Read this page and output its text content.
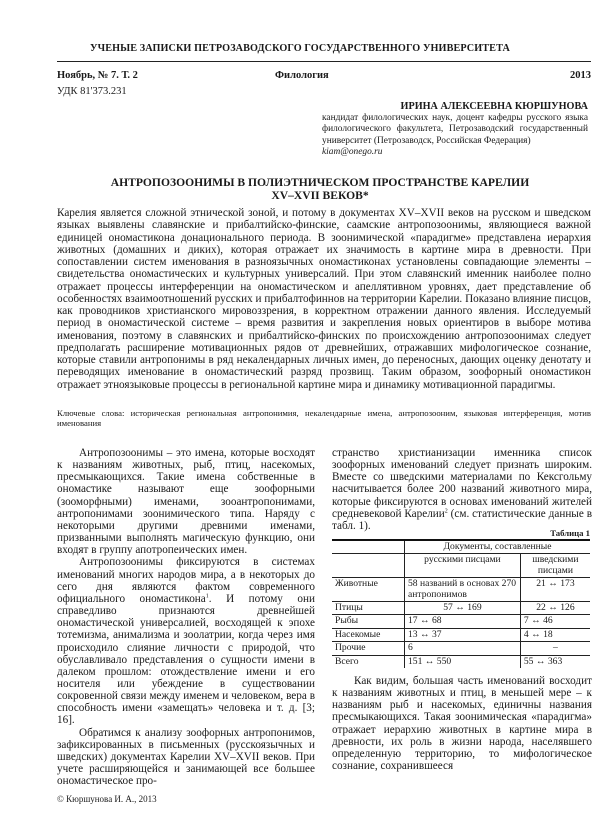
УЧЕНЫЕ ЗАПИСКИ ПЕТРОЗАВОДСКОГО ГОСУДАРСТВЕННОГО УНИВЕРСИТЕТА
Ноябрь, № 7. Т. 2	Филология	2013
УДК 81'373.231
ИРИНА АЛЕКСЕЕВНА КЮРШУНОВА
кандидат филологических наук, доцент кафедры русского языка филологического факультета, Петрозаводский государственный университет (Петрозаводск, Российская Федерация)
kiam@onego.ru
АНТРОПОЗООНИМЫ В ПОЛИЭТНИЧЕСКОМ ПРОСТРАНСТВЕ КАРЕЛИИ
XV–XVII ВЕКОВ*

Карелия является сложной этнической зоной, и потому в документах XV–XVII веков на русском и шведском языках выявлены славянские и прибалтийско-финские, саамские антропозоонимы, являющиеся важной единицей ономастикона донационального периода. В зоонимической «парадигме» представлена иерархия животных (домашних и диких), которая отражает их значимость в картине мира в древности. При сопоставлении систем именования в разноязычных ономастиконах установлены совпадающие элементы – свидетельства ономастических и культурных универсалий. При этом славянский именник наиболее полно отражает процессы интерференции на ономастическом и апеллятивном уровнях, дает представление об особенностях взаимоотношений русских и прибалтофиннов на территории Карелии. Показано влияние писцов, как проводников христианского мировоззрения, в корректном отражении данного явления. Исследуемый период в ономастической системе – время развития и закрепления новых ориентиров в выборе мотива именования, поэтому в славянских и прибалтийско-финских по происхождению антропозоонимах следует предполагать расширение мотивационных рядов от древнейших, отражавших мифологическое сознание, которые ставили антропонимы в ряд некалендарных личных имен, до переносных, дающих оценку денотату и переводящих именование в ономастический разряд прозвищ. Таким образом, зоофорный ономастикон отражает этноязыковые процессы в региональной картине мира и динамику мотивационной парадигмы.

Ключевые слова: историческая региональная антропонимия, некалендарные имена, антропозооним, языковая интерференция, мотив именования

Антропозоонимы – это имена, которые восходят к названиям животных, рыб, птиц, насекомых, пресмыкающихся. Такие имена собственные в ономастике называют еще зоофорными (зооморфными) именами, зооантропонимами, антропонимами зоонимического типа. Наряду с некоторыми другими древними именами, призванными выполнять магическую функцию, они входят в группу апотропеических имен.

Антропозоонимы фиксируются в системах именований многих народов мира, а в некоторых до сего дня являются фактом современного официального ономастикона$^1$. И потому они справедливо признаются древнейшей ономастической универсалией, восходящей к эпохе тотемизма, анимализма и зоолатрии, когда через имя происходило слияние личности с природой, что обуславливало представления о сущности имени в далеком прошлом: отождествление имени и его носителя или убеждение в существовании сокровенной связи между именем и человеком, вера в способность имени «замещать» человека и т. д. [3; 16].

Обратимся к анализу зоофорных антропонимов, зафиксированных в письменных (русскоязычных и шведских) документах Карелии XV–XVII веков. При учете расширяющейся и занимающей все большее ономастическое про-

странство христианизации именника список зоофорных именований следует признать широким. Вместе со шведскими материалами по Кексгольму насчитывается более 200 названий животного мира, которые фиксируются в основах именований жителей средневековой Карелии$^2$ (см. статистические данные в табл. 1).

Таблица 1
	Документы, составленные	
	русскими писцами	шведскими писцами
Животные	58 названий в основах 270 антропонимов	21 ↔ 173
Птицы	57 ↔ 169	22 ↔ 126
Рыбы	17 ↔ 68	7 ↔ 46
Насекомые	13 ↔ 37	4 ↔ 18
Прочие	6	–
Всего	151 ↔ 550	55 ↔ 363

Как видим, большая часть именований восходит к названиям животных и птиц, в меньшей мере – к названиям рыб и насекомых, единичны названия пресмыкающихся. Такая зоонимическая «парадигма» отражает иерархию животных в картине мира в древности, их роль в жизни народа, населявшего определенную территорию, то мифологическое сознание, сохранившееся

© Кюршунова И. А., 2013
